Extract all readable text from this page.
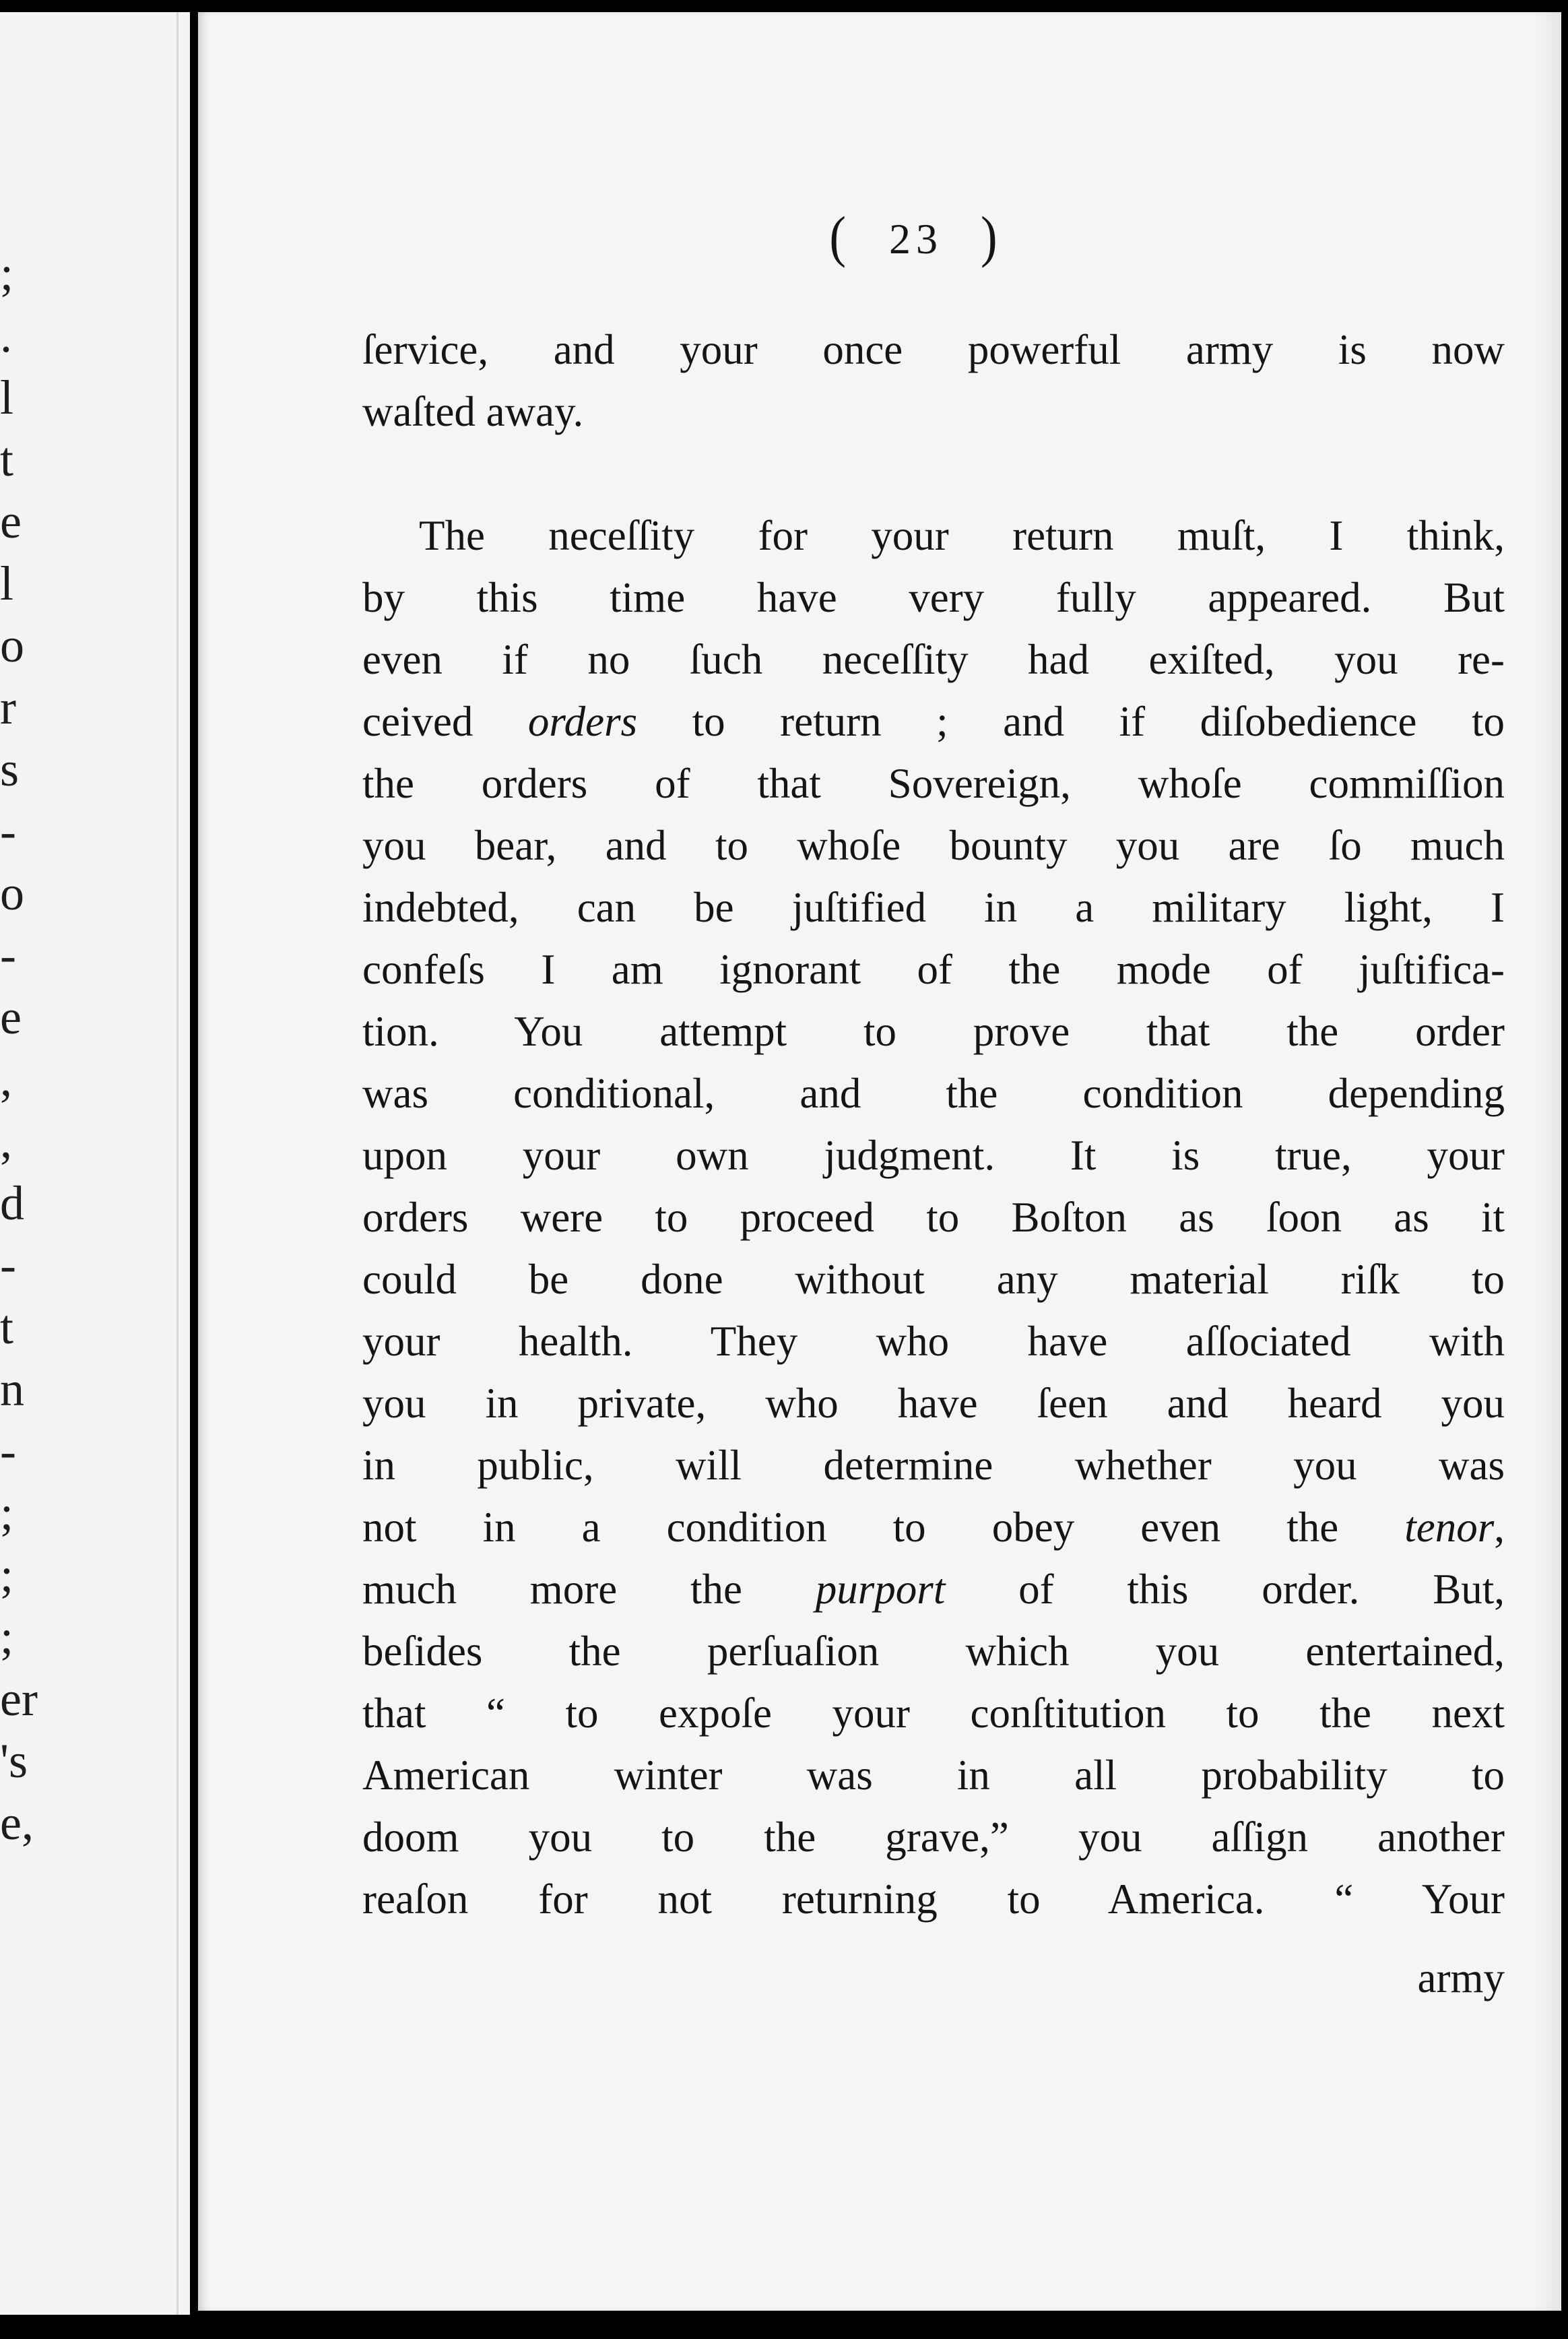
;
.
l
t
e
l
o
r
s
-
o
-
e
,
,
d
-
t
n
-
;
;
;
er
's
e,
( 23 )
ſervice, and your once powerful army is now
waſted away.
The neceſſity for your return muſt, I think,
by this time have very fully appeared. But
even if no ſuch neceſſity had exiſted, you re-
ceived orders to return ; and if diſobedience to
the orders of that Sovereign, whoſe commiſſion
you bear, and to whoſe bounty you are ſo much
indebted, can be juſtified in a military light, I
confeſs I am ignorant of the mode of juſtifica-
tion. You attempt to prove that the order
was conditional, and the condition depending
upon your own judgment. It is true, your
orders were to proceed to Boſton as ſoon as it
could be done without any material riſk to
your health. They who have aſſociated with
you in private, who have ſeen and heard you
in public, will determine whether you was
not in a condition to obey even the tenor,
much more the purport of this order. But,
beſides the perſuaſion which you entertained,
that “ to expoſe your conſtitution to the next
American winter was in all probability to
doom you to the grave,” you aſſign another
reaſon for not returning to America. “ Your
army
